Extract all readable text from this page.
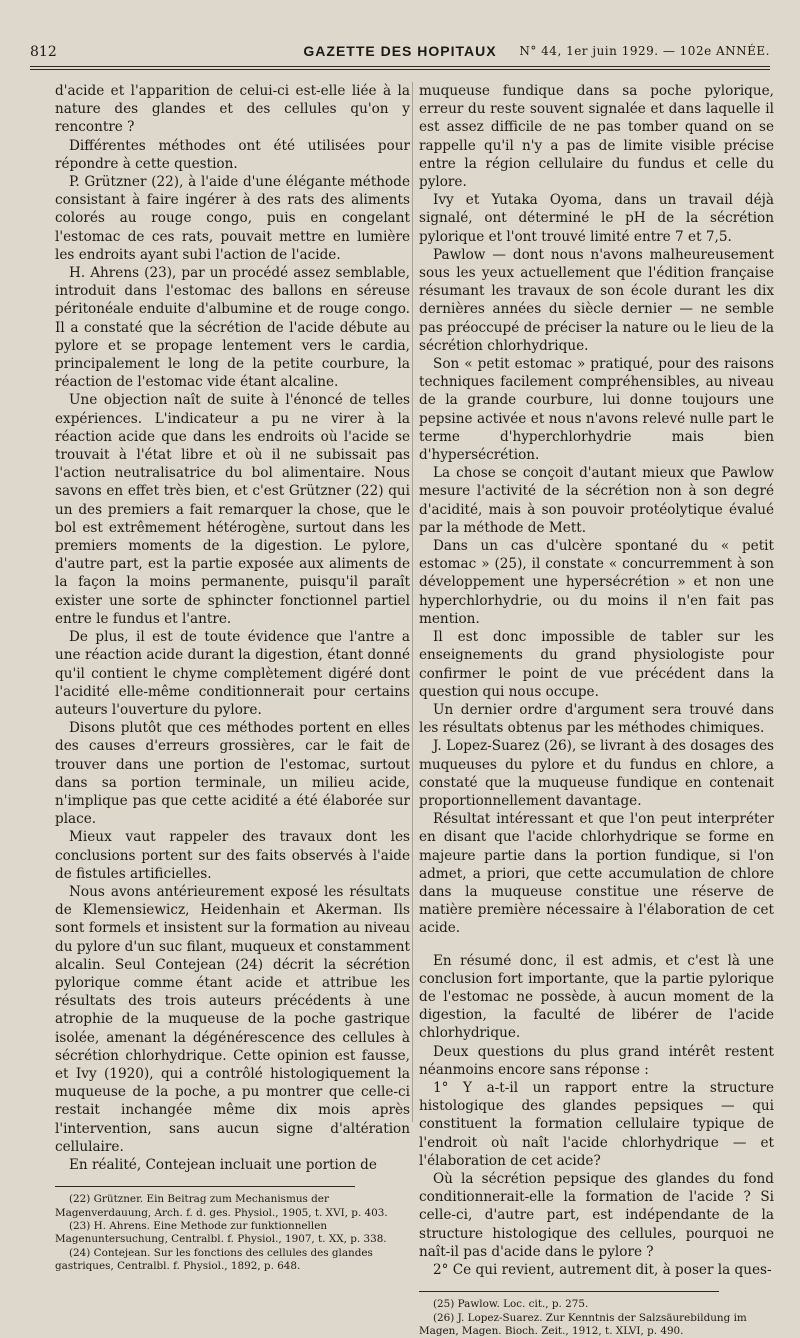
812	GAZETTE DES HOPITAUX	N° 44, 1er juin 1929. — 102e ANNÉE.

d'acide et l'apparition de celui-ci est-elle liée à la nature des glandes et des cellules qu'on y rencontre ?

Différentes méthodes ont été utilisées pour répondre à cette question.

P. Grützner (22), à l'aide d'une élégante méthode consistant à faire ingérer à des rats des aliments colorés au rouge congo, puis en congelant l'estomac de ces rats, pouvait mettre en lumière les endroits ayant subi l'action de l'acide.

H. Ahrens (23), par un procédé assez semblable, introduit dans l'estomac des ballons en séreuse péritonéale enduite d'albumine et de rouge congo. Il a constaté que la sécrétion de l'acide débute au pylore et se propage lentement vers le cardia, principalement le long de la petite courbure, la réaction de l'estomac vide étant alcaline.

Une objection naît de suite à l'énoncé de telles expériences. L'indicateur a pu ne virer à la réaction acide que dans les endroits où l'acide se trouvait à l'état libre et où il ne subissait pas l'action neutralisatrice du bol alimentaire. Nous savons en effet très bien, et c'est Grützner (22) qui un des premiers a fait remarquer la chose, que le bol est extrêmement hétérogène, surtout dans les premiers moments de la digestion. Le pylore, d'autre part, est la partie exposée aux aliments de la façon la moins permanente, puisqu'il paraît exister une sorte de sphincter fonctionnel partiel entre le fundus et l'antre.

De plus, il est de toute évidence que l'antre a une réaction acide durant la digestion, étant donné qu'il contient le chyme complètement digéré dont l'acidité elle-même conditionnerait pour certains auteurs l'ouverture du pylore.

Disons plutôt que ces méthodes portent en elles des causes d'erreurs grossières, car le fait de trouver dans une portion de l'estomac, surtout dans sa portion terminale, un milieu acide, n'implique pas que cette acidité a été élaborée sur place.

Mieux vaut rappeler des travaux dont les conclusions portent sur des faits observés à l'aide de fistules artificielles.

Nous avons antérieurement exposé les résultats de Klemensiewicz, Heidenhain et Akerman. Ils sont formels et insistent sur la formation au niveau du pylore d'un suc filant, muqueux et constamment alcalin. Seul Contejean (24) décrit la sécrétion pylorique comme étant acide et attribue les résultats des trois auteurs précédents à une atrophie de la muqueuse de la poche gastrique isolée, amenant la dégénérescence des cellules à sécrétion chlorhydrique. Cette opinion est fausse, et Ivy (1920), qui a contrôlé histologiquement la muqueuse de la poche, a pu montrer que celle-ci restait inchangée même dix mois après l'intervention, sans aucun signe d'altération cellulaire.

En réalité, Contejean incluait une portion de

(22) Grützner. Ein Beitrag zum Mechanismus der Magenverdauung, Arch. f. d. ges. Physiol., 1905, t. XVI, p. 403.

(23) H. Ahrens. Eine Methode zur funktionnellen Magenuntersuchung, Centralbl. f. Physiol., 1907, t. XX, p. 338.

(24) Contejean. Sur les fonctions des cellules des glandes gastriques, Centralbl. f. Physiol., 1892, p. 648.

muqueuse fundique dans sa poche pylorique, erreur du reste souvent signalée et dans laquelle il est assez difficile de ne pas tomber quand on se rappelle qu'il n'y a pas de limite visible précise entre la région cellulaire du fundus et celle du pylore.

Ivy et Yutaka Oyoma, dans un travail déjà signalé, ont déterminé le pH de la sécrétion pylorique et l'ont trouvé limité entre 7 et 7,5.

Pawlow — dont nous n'avons malheureusement sous les yeux actuellement que l'édition française résumant les travaux de son école durant les dix dernières années du siècle dernier — ne semble pas préoccupé de préciser la nature ou le lieu de la sécrétion chlorhydrique.

Son « petit estomac » pratiqué, pour des raisons techniques facilement compréhensibles, au niveau de la grande courbure, lui donne toujours une pepsine activée et nous n'avons relevé nulle part le terme d'hyperchlorhydrie mais bien d'hypersécrétion.

La chose se conçoit d'autant mieux que Pawlow mesure l'activité de la sécrétion non à son degré d'acidité, mais à son pouvoir protéolytique évalué par la méthode de Mett.

Dans un cas d'ulcère spontané du « petit estomac » (25), il constate « concurremment à son développement une hypersécrétion » et non une hyperchlorhydrie, ou du moins il n'en fait pas mention.

Il est donc impossible de tabler sur les enseignements du grand physiologiste pour confirmer le point de vue précédent dans la question qui nous occupe.

Un dernier ordre d'argument sera trouvé dans les résultats obtenus par les méthodes chimiques.

J. Lopez-Suarez (26), se livrant à des dosages des muqueuses du pylore et du fundus en chlore, a constaté que la muqueuse fundique en contenait proportionnellement davantage.

Résultat intéressant et que l'on peut interpréter en disant que l'acide chlorhydrique se forme en majeure partie dans la portion fundique, si l'on admet, a priori, que cette accumulation de chlore dans la muqueuse constitue une réserve de matière première nécessaire à l'élaboration de cet acide.

En résumé donc, il est admis, et c'est là une conclusion fort importante, que la partie pylorique de l'estomac ne possède, à aucun moment de la digestion, la faculté de libérer de l'acide chlorhydrique.

Deux questions du plus grand intérêt restent néanmoins encore sans réponse :

1° Y a-t-il un rapport entre la structure histologique des glandes pepsiques — qui constituent la formation cellulaire typique de l'endroit où naît l'acide chlorhydrique — et l'élaboration de cet acide?

Où la sécrétion pepsique des glandes du fond conditionnerait-elle la formation de l'acide ? Si celle-ci, d'autre part, est indépendante de la structure histologique des cellules, pourquoi ne naît-il pas d'acide dans le pylore ?

2° Ce qui revient, autrement dit, à poser la ques-

(25) Pawlow. Loc. cit., p. 275.

(26) J. Lopez-Suarez. Zur Kenntnis der Salzsäurebildung im Magen, Magen. Bioch. Zeit., 1912, t. XLVI, p. 490.
